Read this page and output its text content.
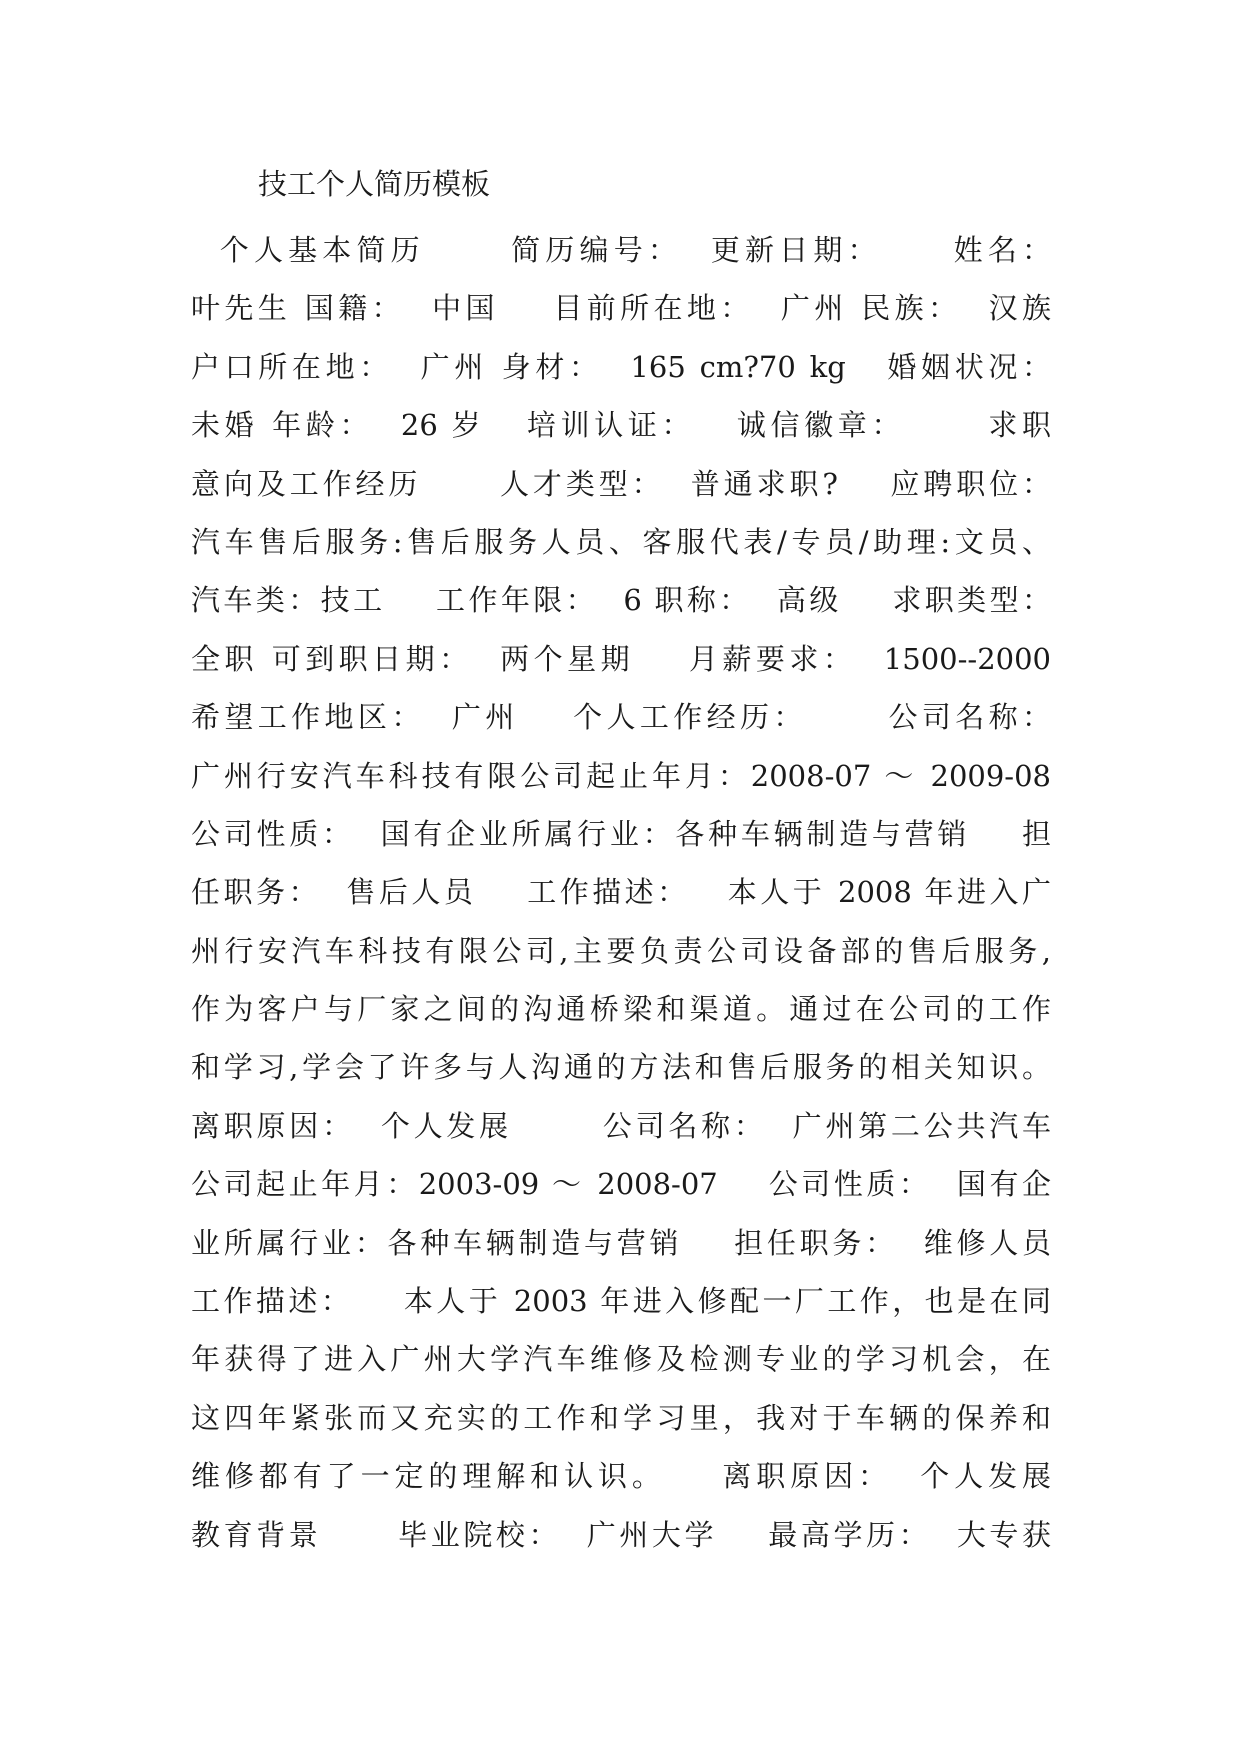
技工个人简历模板
个人基本简历      简历编号：  更新日期：     姓名：
叶先生 国籍：  中国    目前所在地：  广州 民族：  汉族
户口所在地：  广州 身材：  165 cm?70 kg   婚姻状况：
未婚 年龄：  26 岁   培训认证：   诚信徽章：      求职
意向及工作经历      人才类型：  普通求职?    应聘职位：
汽车售后服务:售后服务人员、客服代表/专员/助理:文员、
汽车类：技工    工作年限：  6 职称：  高级    求职类型：
全职 可到职日期：  两个星期    月薪要求：  1500--2000
希望工作地区：  广州    个人工作经历：      公司名称：
广州行安汽车科技有限公司起止年月：2008-07 ～ 2009-08
公司性质：  国有企业所属行业：各种车辆制造与营销    担
任职务：  售后人员    工作描述：   本人于 2008 年进入广
州行安汽车科技有限公司,主要负责公司设备部的售后服务,
作为客户与厂家之间的沟通桥梁和渠道。通过在公司的工作
和学习,学会了许多与人沟通的方法和售后服务的相关知识。
离职原因：  个人发展       公司名称：  广州第二公共汽车
公司起止年月：2003-09 ～ 2008-07    公司性质：  国有企
业所属行业：各种车辆制造与营销    担任职务：  维修人员
工作描述：    本人于 2003 年进入修配一厂工作，也是在同
年获得了进入广州大学汽车维修及检测专业的学习机会，在
这四年紧张而又充实的工作和学习里，我对于车辆的保养和
维修都有了一定的理解和认识。    离职原因：  个人发展
教育背景      毕业院校：  广州大学    最高学历：  大专获
